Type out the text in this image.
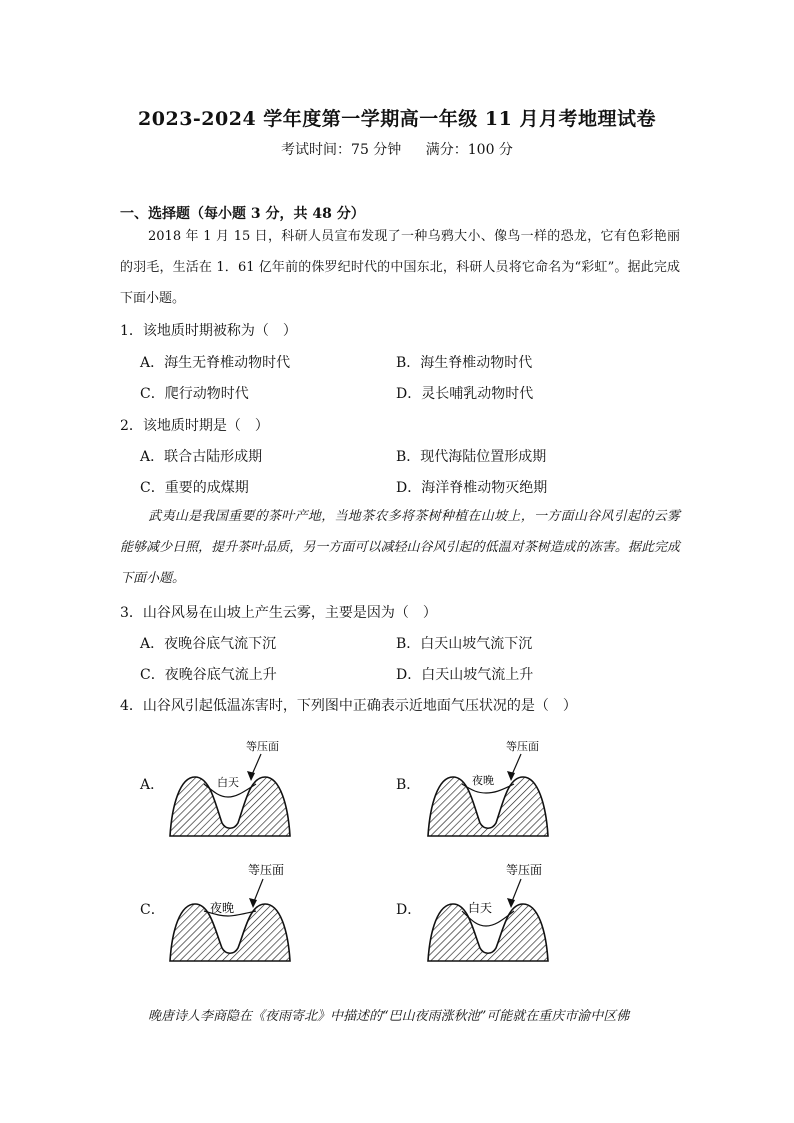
2023-2024 学年度第一学期高一年级 11 月月考地理试卷
考试时间：75 分钟 满分：100 分
一、选择题（每小题 3 分，共 48 分）
2018 年 1 月 15 日，科研人员宣布发现了一种乌鸦大小、像鸟一样的恐龙，它有色彩艳丽的羽毛，生活在 1．61 亿年前的侏罗纪时代的中国东北，科研人员将它命名为“彩虹”。据此完成下面小题。
1．该地质时期被称为（　）
A．海生无脊椎动物时代	B．海生脊椎动物时代
C．爬行动物时代	D．灵长哺乳动物时代
2．该地质时期是（　）
A．联合古陆形成期	B．现代海陆位置形成期
C．重要的成煤期	D．海洋脊椎动物灭绝期
武夷山是我国重要的茶叶产地，当地茶农多将茶树种植在山坡上，一方面山谷风引起的云雾能够减少日照，提升茶叶品质，另一方面可以减轻山谷风引起的低温对茶树造成的冻害。据此完成下面小题。
3．山谷风易在山坡上产生云雾，主要是因为（　）
A．夜晚谷底气流下沉	B．白天山坡气流下沉
C．夜晚谷底气流上升	D．白天山坡气流上升
4．山谷风引起低温冻害时，下列图中正确表示近地面气压状况的是（　）
A．	白天
等压面
B．	夜晚
等压面
C．	夜晚
等压面
D．	白天
等压面
晚唐诗人李商隐在《夜雨寄北》中描述的“巴山夜雨涨秋池”可能就在重庆市渝中区佛
